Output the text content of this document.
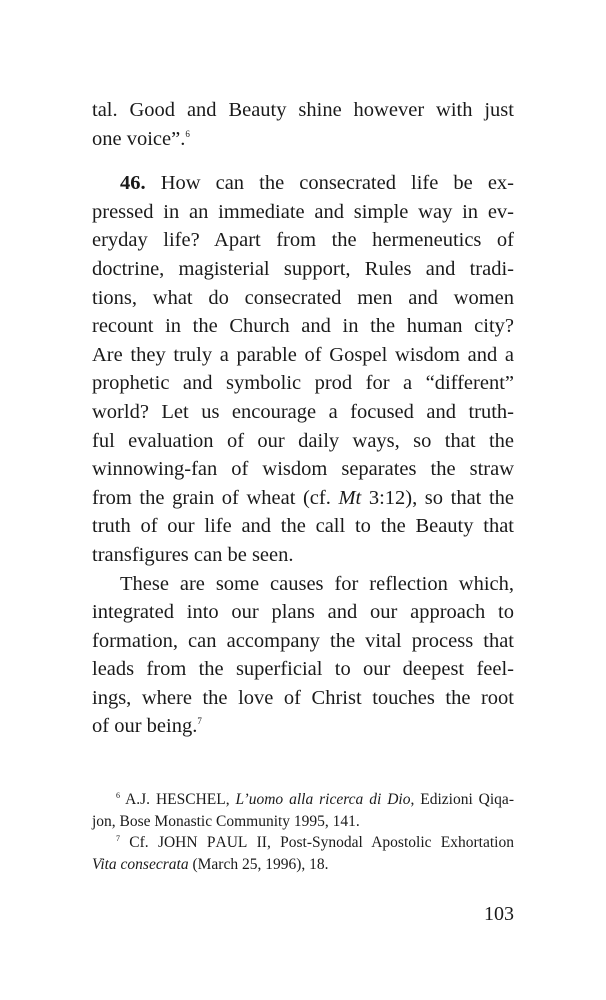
tal. Good and Beauty shine however with just
one voice”.$^6$
46. How can the consecrated life be ex-
pressed in an immediate and simple way in ev-
eryday life? Apart from the hermeneutics of
doctrine, magisterial support, Rules and tradi-
tions, what do consecrated men and women
recount in the Church and in the human city?
Are they truly a parable of Gospel wisdom and a
prophetic and symbolic prod for a “different”
world? Let us encourage a focused and truth-
ful evaluation of our daily ways, so that the
winnowing-fan of wisdom separates the straw
from the grain of wheat (cf. Mt 3:12), so that the
truth of our life and the call to the Beauty that
transfigures can be seen.
These are some causes for reflection which,
integrated into our plans and our approach to
formation, can accompany the vital process that
leads from the superficial to our deepest feel-
ings, where the love of Christ touches the root
of our being.$^7$
$^6$ A.J. HESCHEL, L’uomo alla ricerca di Dio, Edizioni Qiqa-
jon, Bose Monastic Community 1995, 141.
$^7$ Cf. JOHN PAUL II, Post-Synodal Apostolic Exhortation
Vita consecrata (March 25, 1996), 18.
103
